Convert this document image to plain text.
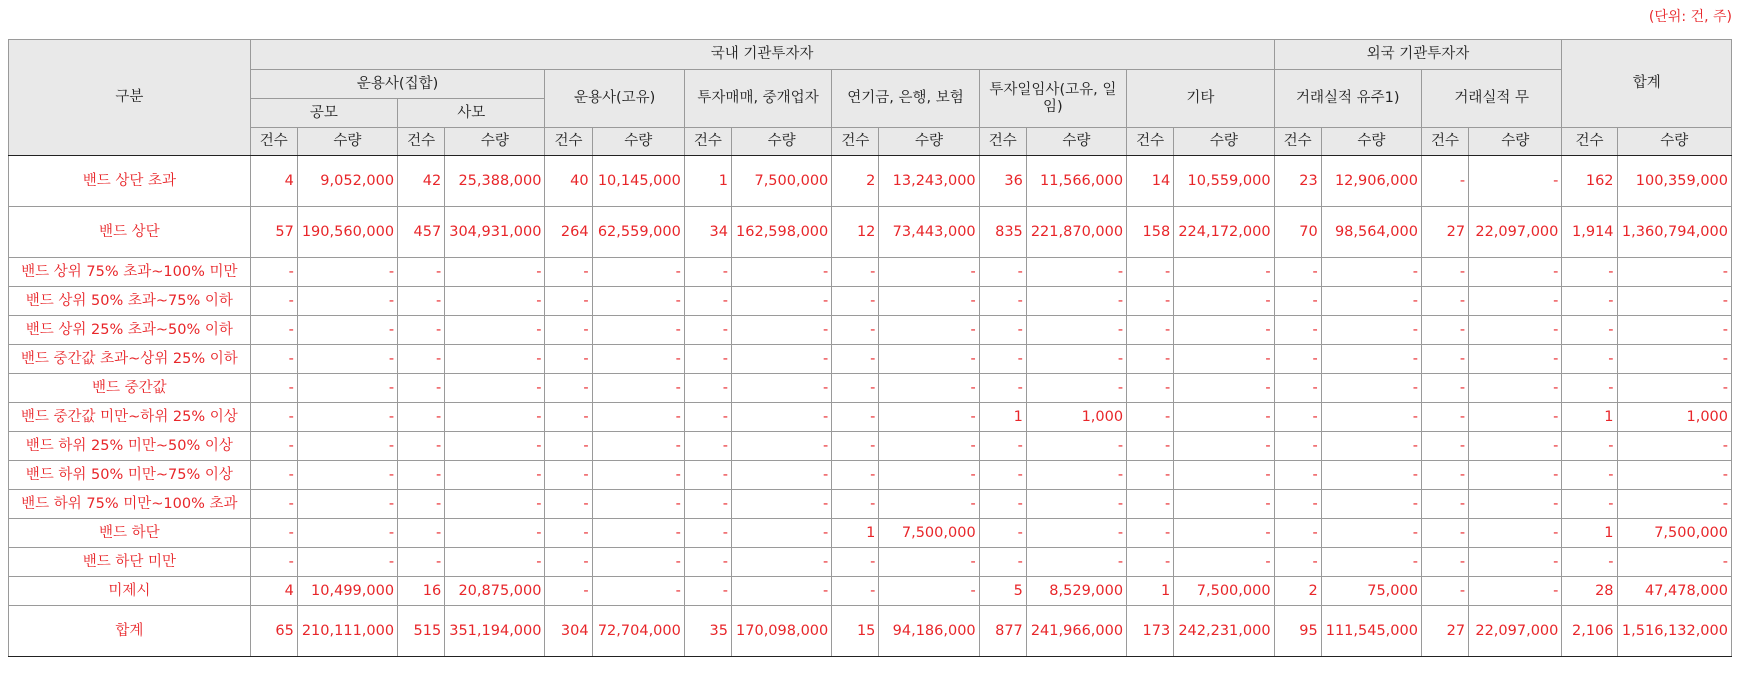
(단위: 건, 주)
구분	국내 기관투자자														외국 기관투자자				합계	
	운용사(집합)				운용사(고유)		투자매매, 중개업자		연기금, 은행, 보험		투자일임사(고유, 일임)		기타		거래실적 유주1)		거래실적 무			
	공모		사모																	
	건수	수량	건수	수량	건수	수량	건수	수량	건수	수량	건수	수량	건수	수량	건수	수량	건수	수량	건수	수량
밴드 상단 초과	4	9,052,000	42	25,388,000	40	10,145,000	1	7,500,000	2	13,243,000	36	11,566,000	14	10,559,000	23	12,906,000	-	-	162	100,359,000
밴드 상단	57	190,560,000	457	304,931,000	264	62,559,000	34	162,598,000	12	73,443,000	835	221,870,000	158	224,172,000	70	98,564,000	27	22,097,000	1,914	1,360,794,000
밴드 상위 75% 초과~100% 미만	-	-	-	-	-	-	-	-	-	-	-	-	-	-	-	-	-	-	-	-
밴드 상위 50% 초과~75% 이하	-	-	-	-	-	-	-	-	-	-	-	-	-	-	-	-	-	-	-	-
밴드 상위 25% 초과~50% 이하	-	-	-	-	-	-	-	-	-	-	-	-	-	-	-	-	-	-	-	-
밴드 중간값 초과~상위 25% 이하	-	-	-	-	-	-	-	-	-	-	-	-	-	-	-	-	-	-	-	-
밴드 중간값	-	-	-	-	-	-	-	-	-	-	-	-	-	-	-	-	-	-	-	-
밴드 중간값 미만~하위 25% 이상	-	-	-	-	-	-	-	-	-	-	1	1,000	-	-	-	-	-	-	1	1,000
밴드 하위 25% 미만~50% 이상	-	-	-	-	-	-	-	-	-	-	-	-	-	-	-	-	-	-	-	-
밴드 하위 50% 미만~75% 이상	-	-	-	-	-	-	-	-	-	-	-	-	-	-	-	-	-	-	-	-
밴드 하위 75% 미만~100% 초과	-	-	-	-	-	-	-	-	-	-	-	-	-	-	-	-	-	-	-	-
밴드 하단	-	-	-	-	-	-	-	-	1	7,500,000	-	-	-	-	-	-	-	-	1	7,500,000
밴드 하단 미만	-	-	-	-	-	-	-	-	-	-	-	-	-	-	-	-	-	-	-	-
미제시	4	10,499,000	16	20,875,000	-	-	-	-	-	-	5	8,529,000	1	7,500,000	2	75,000	-	-	28	47,478,000
합계	65	210,111,000	515	351,194,000	304	72,704,000	35	170,098,000	15	94,186,000	877	241,966,000	173	242,231,000	95	111,545,000	27	22,097,000	2,106	1,516,132,000
